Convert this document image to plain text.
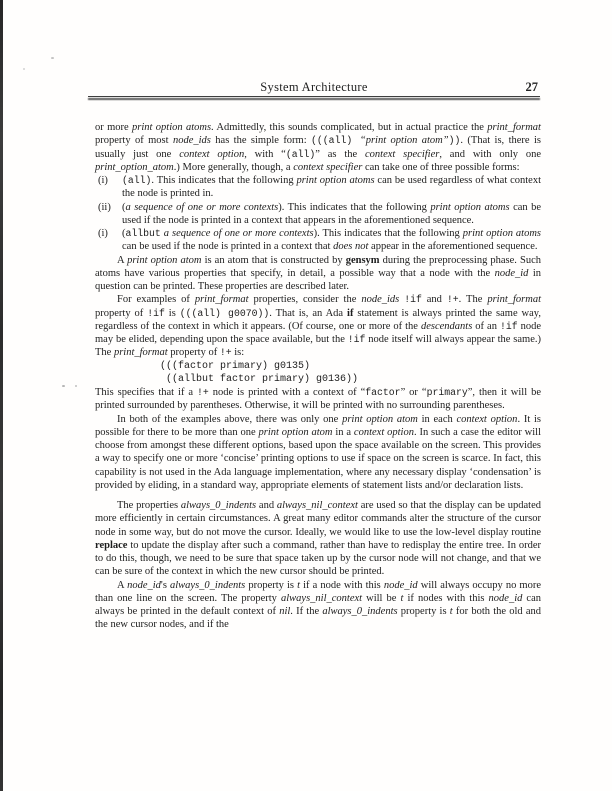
System Architecture	27

or more print option atoms. Admittedly, this sounds complicated, but in actual practice the print_format property of most node_ids has the simple form: (((all) “print option atom”)). (That is, there is usually just one context option, with “(all)” as the context specifier, and with only one print_option_atom.) More generally, though, a context specifier can take one of three possible forms:

(i)	(all). This indicates that the following print option atoms can be used regardless of what context the node is printed in.
(ii)	(a sequence of one or more contexts). This indicates that the following print option atoms can be used if the node is printed in a context that appears in the aforementioned sequence.
(i)	(allbut a sequence of one or more contexts). This indicates that the following print option atoms can be used if the node is printed in a context that does not appear in the aforementioned sequence.

A print option atom is an atom that is constructed by gensym during the preprocessing phase. Such atoms have various properties that specify, in detail, a possible way that a node with the node_id in question can be printed. These properties are described later.

For examples of print_format properties, consider the node_ids !if and !+. The print_format property of !if is (((all) g0070)). That is, an Ada if statement is always printed the same way, regardless of the context in which it appears. (Of course, one or more of the descendants of an !if node may be elided, depending upon the space available, but the !if node itself will always appear the same.) The print_format property of !+ is:

(((factor primary) g0135)
((allbut factor primary) g0136))

This specifies that if a !+ node is printed with a context of “factor” or “primary”, then it will be printed surrounded by parentheses. Otherwise, it will be printed with no surrounding parentheses.

In both of the examples above, there was only one print option atom in each context option. It is possible for there to be more than one print option atom in a context option. In such a case the editor will choose from amongst these different options, based upon the space available on the screen. This provides a way to specify one or more ‘concise’ printing options to use if space on the screen is scarce. In fact, this capability is not used in the Ada language implementation, where any necessary display ‘condensation’ is provided by eliding, in a standard way, appropriate elements of statement lists and/or declaration lists.

The properties always_0_indents and always_nil_context are used so that the display can be updated more efficiently in certain circumstances. A great many editor commands alter the structure of the cursor node in some way, but do not move the cursor. Ideally, we would like to use the low-level display routine replace to update the display after such a command, rather than have to redisplay the entire tree. In order to do this, though, we need to be sure that space taken up by the cursor node will not change, and that we can be sure of the context in which the new cursor should be printed.

A node_id's always_0_indents property is t if a node with this node_id will always occupy no more than one line on the screen. The property always_nil_context will be t if nodes with this node_id can always be printed in the default context of nil. If the always_0_indents property is t for both the old and the new cursor nodes, and if the
